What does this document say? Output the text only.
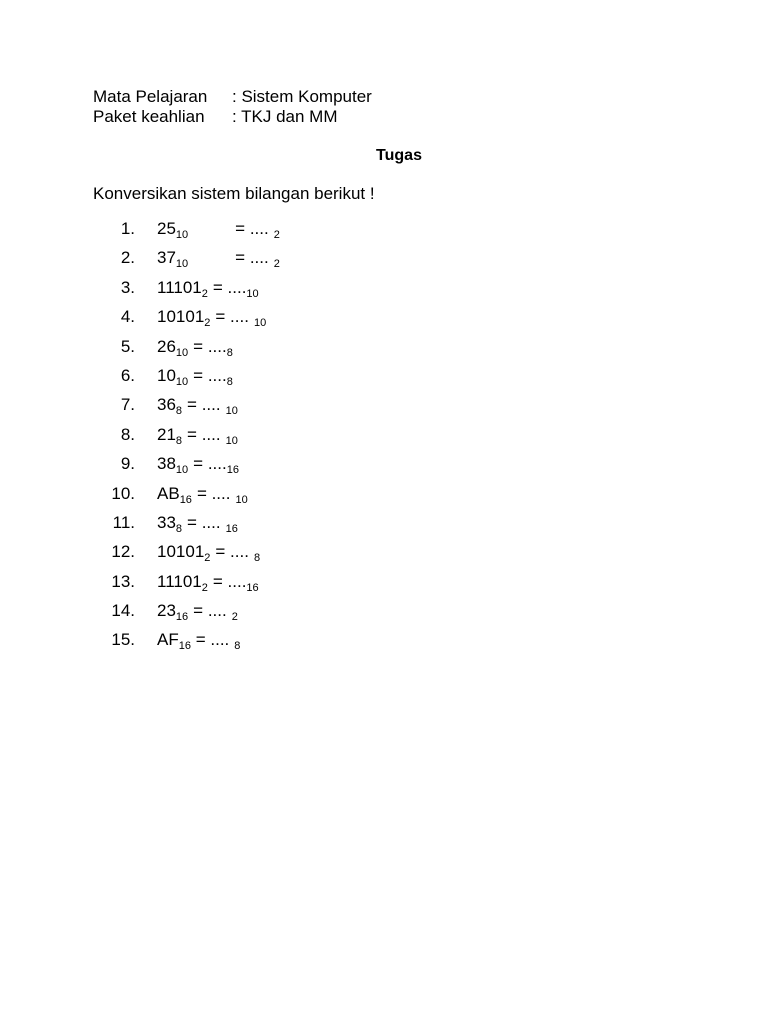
Mata Pelajaran : Sistem Komputer
Paket keahlian : TKJ dan MM
Tugas
Konversikan sistem bilangan berikut !
1. $25_{10}$	= .... $_2$
2. $37_{10}$	= .... $_2$
3. $11101_2 = ...._{10}$
4. $10101_2$ = .... $_{10}$
5. $26_{10} = ...._8$
6. $10_{10} = ...._8$
7. $36_8$ = .... $_{10}$
8. $21_8$ = .... $_{10}$
9. $38_{10} = ...._{16}$
10. $AB_{16}$ = .... $_{10}$
11. $33_8$ = .... $_{16}$
12. $10101_2$ = .... $_8$
13. $11101_2 = ...._{16}$
14. $23_{16}$ = .... $_2$
15. $AF_{16}$ = .... $_8$
